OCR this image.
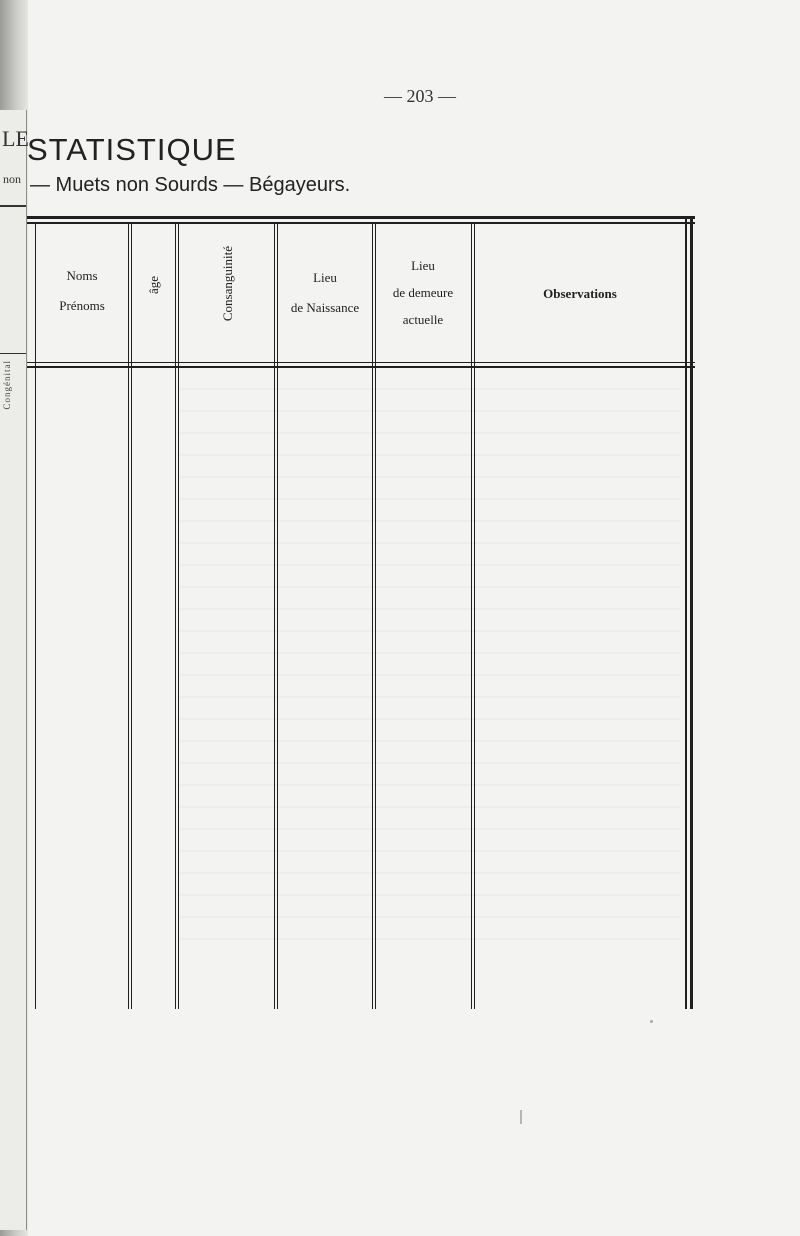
LE
non
Congénital
— 203 —
STATISTIQUE
— Muets non Sourds — Bégayeurs.
Noms
Prénoms
âge	Consanguinité	Lieu
de Naissance
Lieu
de demeure
actuelle
Observations
